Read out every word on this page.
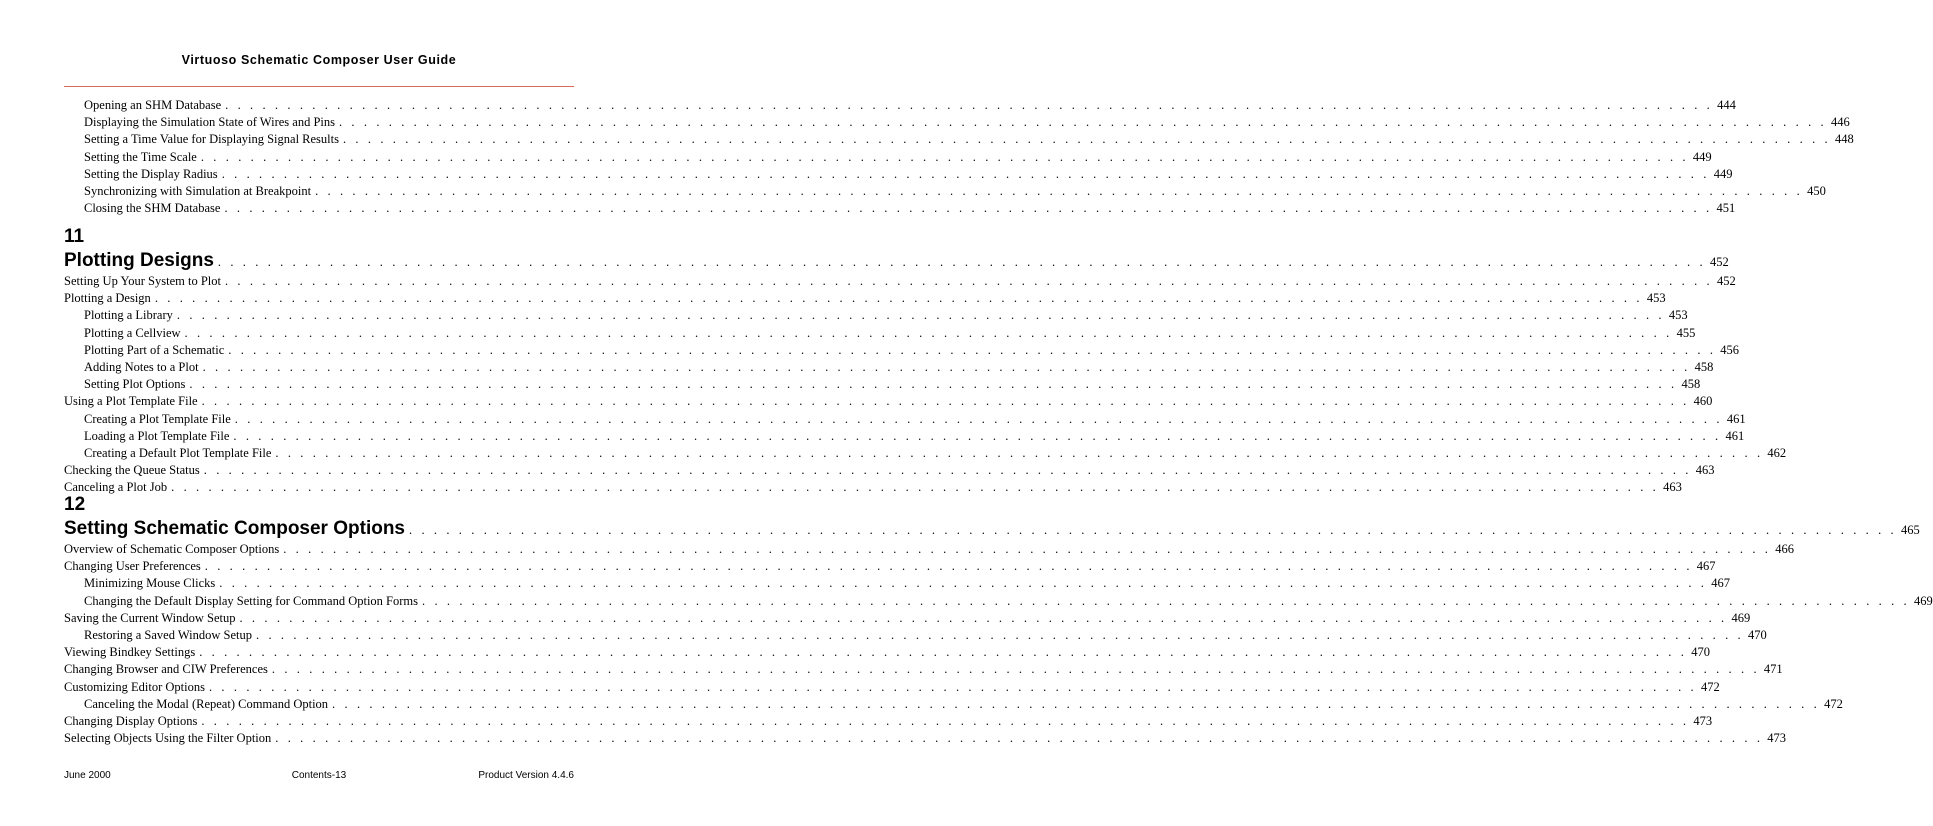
Virtuoso Schematic Composer User Guide
Opening an SHM Database . . . . . . . . . . . . . . . . . . . . . . . . . . . . . . . . . . . . . . . . . . . . . . . . . . . . . . . . . . . . . . . . . . . . . . . . . . . . . . . . . . . . . . . . . . . . . . . . . . . . . . . . . . . . . . . . . . . . . . . . 444
Displaying the Simulation State of Wires and Pins . . . . . . . . . . . . . . . . . . . . . . . . . . . . . . . . . . . . . . . . . . . . . . . . . . . . . . . . . . . . . . . . . . . . . . . . . . . . . . . . . . . . . . . . . . . . . . . . . . . . . . . . . . . . . . . . . . . . . . . . 446
Setting a Time Value for Displaying Signal Results . . . . . . . . . . . . . . . . . . . . . . . . . . . . . . . . . . . . . . . . . . . . . . . . . . . . . . . . . . . . . . . . . . . . . . . . . . . . . . . . . . . . . . . . . . . . . . . . . . . . . . . . . . . . . . . . . . . . . . . . 448
Setting the Time Scale . . . . . . . . . . . . . . . . . . . . . . . . . . . . . . . . . . . . . . . . . . . . . . . . . . . . . . . . . . . . . . . . . . . . . . . . . . . . . . . . . . . . . . . . . . . . . . . . . . . . . . . . . . . . . . . . . . . . . . . . 449
Setting the Display Radius . . . . . . . . . . . . . . . . . . . . . . . . . . . . . . . . . . . . . . . . . . . . . . . . . . . . . . . . . . . . . . . . . . . . . . . . . . . . . . . . . . . . . . . . . . . . . . . . . . . . . . . . . . . . . . . . . . . . . . . . 449
Synchronizing with Simulation at Breakpoint . . . . . . . . . . . . . . . . . . . . . . . . . . . . . . . . . . . . . . . . . . . . . . . . . . . . . . . . . . . . . . . . . . . . . . . . . . . . . . . . . . . . . . . . . . . . . . . . . . . . . . . . . . . . . . . . . . . . . . . . 450
Closing the SHM Database . . . . . . . . . . . . . . . . . . . . . . . . . . . . . . . . . . . . . . . . . . . . . . . . . . . . . . . . . . . . . . . . . . . . . . . . . . . . . . . . . . . . . . . . . . . . . . . . . . . . . . . . . . . . . . . . . . . . . . . . 451
11
Plotting Designs . . . . . . . . . . . . . . . . . . . . . . . . . . . . . . . . . . . . . . . . . . . . . . . . . . . . . . . . . . . . . . . . . . . . . . . . . . . . . . . . . . . . . . . . . . . . . . . . . . . . . . . . . . . . . . . . . . . . . . . . 452
Setting Up Your System to Plot . . . . . . . . . . . . . . . . . . . . . . . . . . . . . . . . . . . . . . . . . . . . . . . . . . . . . . . . . . . . . . . . . . . . . . . . . . . . . . . . . . . . . . . . . . . . . . . . . . . . . . . . . . . . . . . . . . . . . . . . 452
Plotting a Design . . . . . . . . . . . . . . . . . . . . . . . . . . . . . . . . . . . . . . . . . . . . . . . . . . . . . . . . . . . . . . . . . . . . . . . . . . . . . . . . . . . . . . . . . . . . . . . . . . . . . . . . . . . . . . . . . . . . . . . . 453
Plotting a Library . . . . . . . . . . . . . . . . . . . . . . . . . . . . . . . . . . . . . . . . . . . . . . . . . . . . . . . . . . . . . . . . . . . . . . . . . . . . . . . . . . . . . . . . . . . . . . . . . . . . . . . . . . . . . . . . . . . . . . . . 453
Plotting a Cellview . . . . . . . . . . . . . . . . . . . . . . . . . . . . . . . . . . . . . . . . . . . . . . . . . . . . . . . . . . . . . . . . . . . . . . . . . . . . . . . . . . . . . . . . . . . . . . . . . . . . . . . . . . . . . . . . . . . . . . . . 455
Plotting Part of a Schematic . . . . . . . . . . . . . . . . . . . . . . . . . . . . . . . . . . . . . . . . . . . . . . . . . . . . . . . . . . . . . . . . . . . . . . . . . . . . . . . . . . . . . . . . . . . . . . . . . . . . . . . . . . . . . . . . . . . . . . . . 456
Adding Notes to a Plot . . . . . . . . . . . . . . . . . . . . . . . . . . . . . . . . . . . . . . . . . . . . . . . . . . . . . . . . . . . . . . . . . . . . . . . . . . . . . . . . . . . . . . . . . . . . . . . . . . . . . . . . . . . . . . . . . . . . . . . . 458
Setting Plot Options . . . . . . . . . . . . . . . . . . . . . . . . . . . . . . . . . . . . . . . . . . . . . . . . . . . . . . . . . . . . . . . . . . . . . . . . . . . . . . . . . . . . . . . . . . . . . . . . . . . . . . . . . . . . . . . . . . . . . . . . 458
Using a Plot Template File . . . . . . . . . . . . . . . . . . . . . . . . . . . . . . . . . . . . . . . . . . . . . . . . . . . . . . . . . . . . . . . . . . . . . . . . . . . . . . . . . . . . . . . . . . . . . . . . . . . . . . . . . . . . . . . . . . . . . . . . 460
Creating a Plot Template File . . . . . . . . . . . . . . . . . . . . . . . . . . . . . . . . . . . . . . . . . . . . . . . . . . . . . . . . . . . . . . . . . . . . . . . . . . . . . . . . . . . . . . . . . . . . . . . . . . . . . . . . . . . . . . . . . . . . . . . . 461
Loading a Plot Template File . . . . . . . . . . . . . . . . . . . . . . . . . . . . . . . . . . . . . . . . . . . . . . . . . . . . . . . . . . . . . . . . . . . . . . . . . . . . . . . . . . . . . . . . . . . . . . . . . . . . . . . . . . . . . . . . . . . . . . . . 461
Creating a Default Plot Template File . . . . . . . . . . . . . . . . . . . . . . . . . . . . . . . . . . . . . . . . . . . . . . . . . . . . . . . . . . . . . . . . . . . . . . . . . . . . . . . . . . . . . . . . . . . . . . . . . . . . . . . . . . . . . . . . . . . . . . . . 462
Checking the Queue Status . . . . . . . . . . . . . . . . . . . . . . . . . . . . . . . . . . . . . . . . . . . . . . . . . . . . . . . . . . . . . . . . . . . . . . . . . . . . . . . . . . . . . . . . . . . . . . . . . . . . . . . . . . . . . . . . . . . . . . . . 463
Canceling a Plot Job . . . . . . . . . . . . . . . . . . . . . . . . . . . . . . . . . . . . . . . . . . . . . . . . . . . . . . . . . . . . . . . . . . . . . . . . . . . . . . . . . . . . . . . . . . . . . . . . . . . . . . . . . . . . . . . . . . . . . . . . 463
12
Setting Schematic Composer Options . . . . . . . . . . . . . . . . . . . . . . . . . . . . . . . . . . . . . . . . . . . . . . . . . . . . . . . . . . . . . . . . . . . . . . . . . . . . . . . . . . . . . . . . . . . . . . . . . . . . . . . . . . . . . . . . . . . . . . . . 465
Overview of Schematic Composer Options . . . . . . . . . . . . . . . . . . . . . . . . . . . . . . . . . . . . . . . . . . . . . . . . . . . . . . . . . . . . . . . . . . . . . . . . . . . . . . . . . . . . . . . . . . . . . . . . . . . . . . . . . . . . . . . . . . . . . . . . 466
Changing User Preferences . . . . . . . . . . . . . . . . . . . . . . . . . . . . . . . . . . . . . . . . . . . . . . . . . . . . . . . . . . . . . . . . . . . . . . . . . . . . . . . . . . . . . . . . . . . . . . . . . . . . . . . . . . . . . . . . . . . . . . . . 467
Minimizing Mouse Clicks . . . . . . . . . . . . . . . . . . . . . . . . . . . . . . . . . . . . . . . . . . . . . . . . . . . . . . . . . . . . . . . . . . . . . . . . . . . . . . . . . . . . . . . . . . . . . . . . . . . . . . . . . . . . . . . . . . . . . . . . 467
Changing the Default Display Setting for Command Option Forms . . . . . . . . . . . . . . . . . . . . . . . . . . . . . . . . . . . . . . . . . . . . . . . . . . . . . . . . . . . . . . . . . . . . . . . . . . . . . . . . . . . . . . . . . . . . . . . . . . . . . . . . . . . . . . . . . . . . . . . . 469
Saving the Current Window Setup . . . . . . . . . . . . . . . . . . . . . . . . . . . . . . . . . . . . . . . . . . . . . . . . . . . . . . . . . . . . . . . . . . . . . . . . . . . . . . . . . . . . . . . . . . . . . . . . . . . . . . . . . . . . . . . . . . . . . . . . 469
Restoring a Saved Window Setup . . . . . . . . . . . . . . . . . . . . . . . . . . . . . . . . . . . . . . . . . . . . . . . . . . . . . . . . . . . . . . . . . . . . . . . . . . . . . . . . . . . . . . . . . . . . . . . . . . . . . . . . . . . . . . . . . . . . . . . . 470
Viewing Bindkey Settings . . . . . . . . . . . . . . . . . . . . . . . . . . . . . . . . . . . . . . . . . . . . . . . . . . . . . . . . . . . . . . . . . . . . . . . . . . . . . . . . . . . . . . . . . . . . . . . . . . . . . . . . . . . . . . . . . . . . . . . . 470
Changing Browser and CIW Preferences . . . . . . . . . . . . . . . . . . . . . . . . . . . . . . . . . . . . . . . . . . . . . . . . . . . . . . . . . . . . . . . . . . . . . . . . . . . . . . . . . . . . . . . . . . . . . . . . . . . . . . . . . . . . . . . . . . . . . . . . 471
Customizing Editor Options . . . . . . . . . . . . . . . . . . . . . . . . . . . . . . . . . . . . . . . . . . . . . . . . . . . . . . . . . . . . . . . . . . . . . . . . . . . . . . . . . . . . . . . . . . . . . . . . . . . . . . . . . . . . . . . . . . . . . . . . 472
Canceling the Modal (Repeat) Command Option . . . . . . . . . . . . . . . . . . . . . . . . . . . . . . . . . . . . . . . . . . . . . . . . . . . . . . . . . . . . . . . . . . . . . . . . . . . . . . . . . . . . . . . . . . . . . . . . . . . . . . . . . . . . . . . . . . . . . . . . 472
Changing Display Options . . . . . . . . . . . . . . . . . . . . . . . . . . . . . . . . . . . . . . . . . . . . . . . . . . . . . . . . . . . . . . . . . . . . . . . . . . . . . . . . . . . . . . . . . . . . . . . . . . . . . . . . . . . . . . . . . . . . . . . . 473
Selecting Objects Using the Filter Option . . . . . . . . . . . . . . . . . . . . . . . . . . . . . . . . . . . . . . . . . . . . . . . . . . . . . . . . . . . . . . . . . . . . . . . . . . . . . . . . . . . . . . . . . . . . . . . . . . . . . . . . . . . . . . . . . . . . . . . . 473
June 2000	Contents-13	Product Version 4.4.6
